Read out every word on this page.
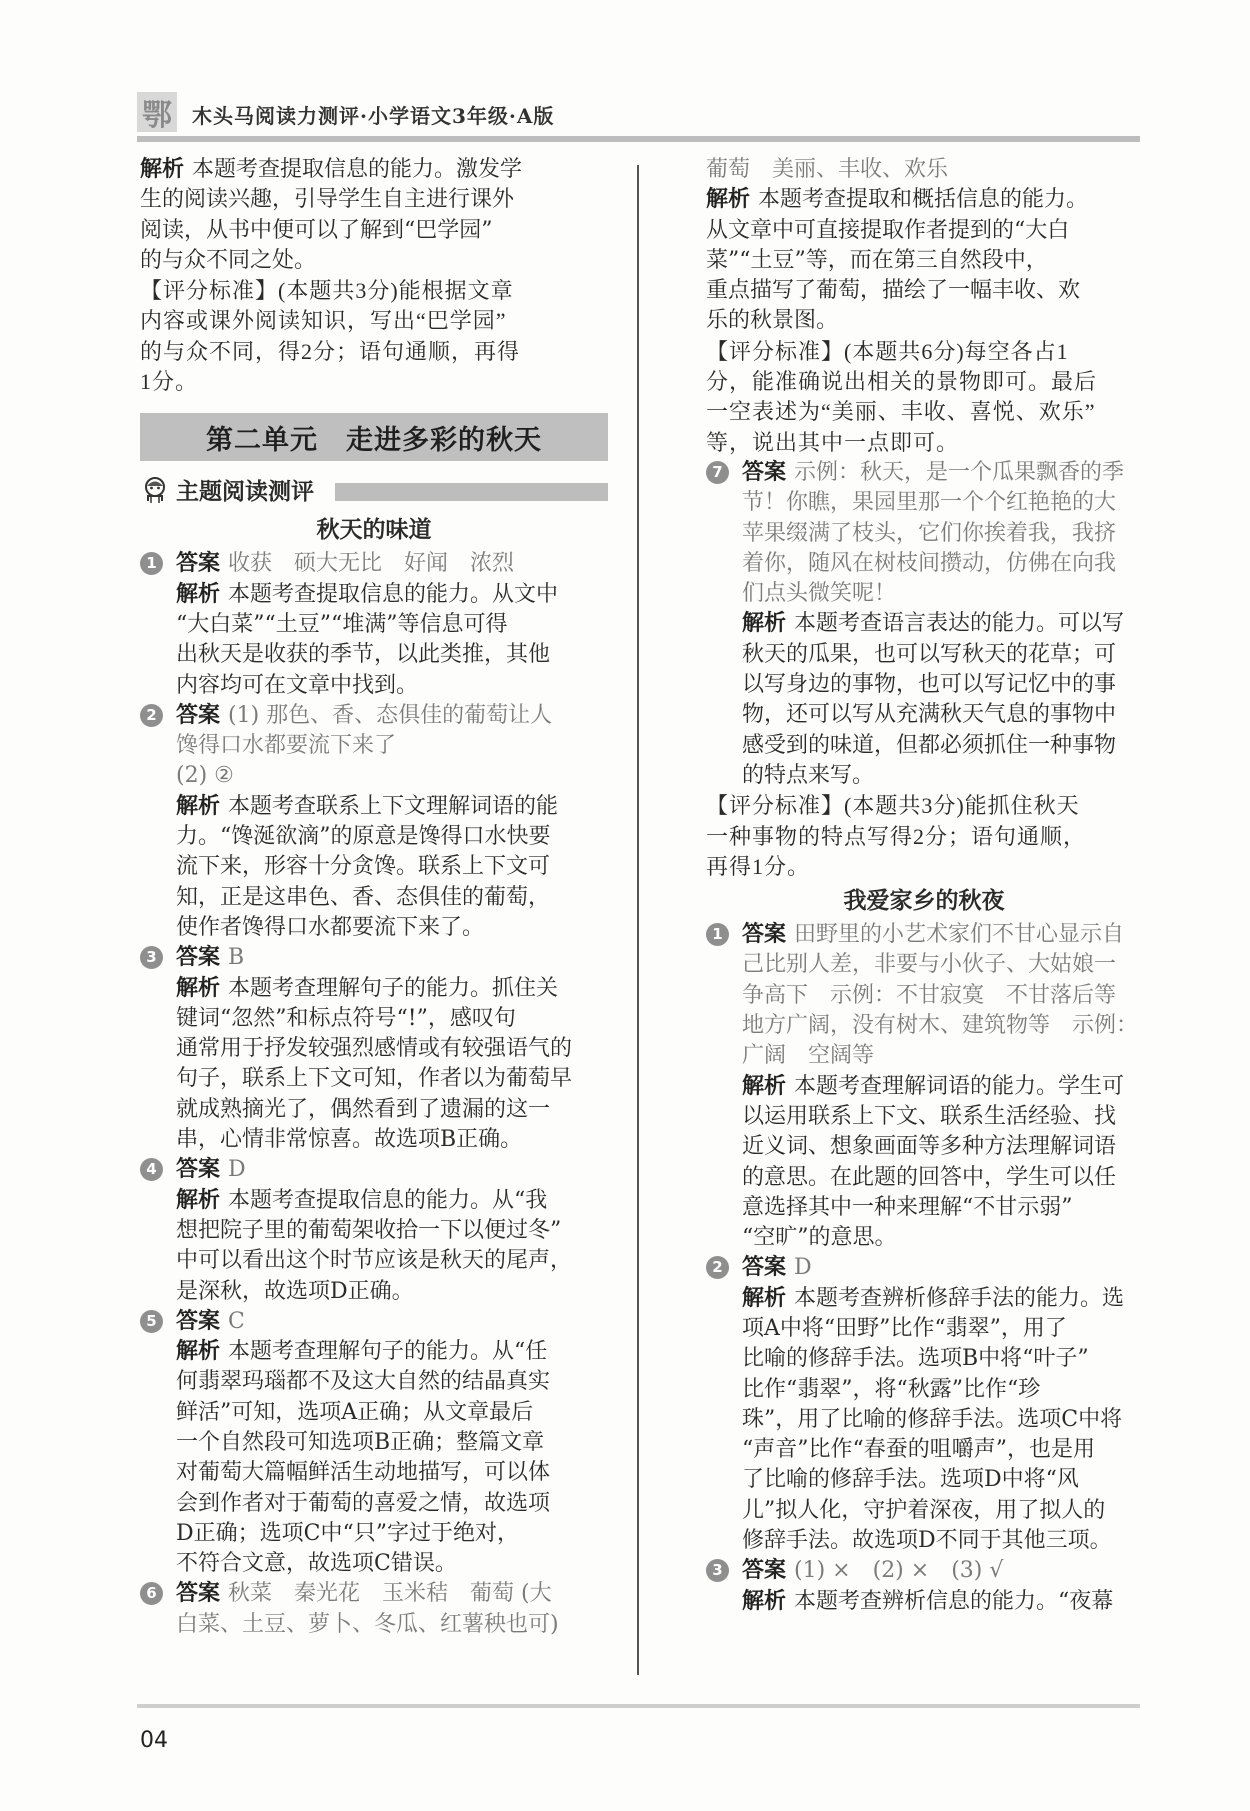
鄂 木头马阅读力测评·小学语文3年级·A版
解析 本题考查提取信息的能力。激发学
生的阅读兴趣，引导学生自主进行课外
阅读，从书中便可以了解到“巴学园”
的与众不同之处。
【评分标准】(本题共3分)能根据文章
内容或课外阅读知识，写出“巴学园”
的与众不同，得2分；语句通顺，再得
1分。
第二单元　走进多彩的秋天
主题阅读测评
秋天的味道
1 答案 收获　硕大无比　好闻　浓烈
解析 本题考查提取信息的能力。从文中
“大白菜”“土豆”“堆满”等信息可得
出秋天是收获的季节，以此类推，其他
内容均可在文章中找到。
2 答案 (1) 那色、香、态俱佳的葡萄让人
馋得口水都要流下来了
(2) ②
解析 本题考查联系上下文理解词语的能
力。“馋涎欲滴”的原意是馋得口水快要
流下来，形容十分贪馋。联系上下文可
知，正是这串色、香、态俱佳的葡萄，
使作者馋得口水都要流下来了。
3 答案 B
解析 本题考查理解句子的能力。抓住关
键词“忽然”和标点符号“!”，感叹句
通常用于抒发较强烈感情或有较强语气的
句子，联系上下文可知，作者以为葡萄早
就成熟摘光了，偶然看到了遗漏的这一
串，心情非常惊喜。故选项B正确。
4 答案 D
解析 本题考查提取信息的能力。从“我
想把院子里的葡萄架收拾一下以便过冬”
中可以看出这个时节应该是秋天的尾声，
是深秋，故选项D正确。
5 答案 C
解析 本题考查理解句子的能力。从“任
何翡翠玛瑙都不及这大自然的结晶真实
鲜活”可知，选项A正确；从文章最后
一个自然段可知选项B正确；整篇文章
对葡萄大篇幅鲜活生动地描写，可以体
会到作者对于葡萄的喜爱之情，故选项
D正确；选项C中“只”字过于绝对，
不符合文意，故选项C错误。
6 答案 秋菜　秦光花　玉米秸　葡萄 (大
白菜、土豆、萝卜、冬瓜、红薯秧也可)
葡萄　美丽、丰收、欢乐
解析 本题考查提取和概括信息的能力。
从文章中可直接提取作者提到的“大白
菜”“土豆”等，而在第三自然段中，
重点描写了葡萄，描绘了一幅丰收、欢
乐的秋景图。
【评分标准】(本题共6分)每空各占1
分，能准确说出相关的景物即可。最后
一空表述为“美丽、丰收、喜悦、欢乐”
等，说出其中一点即可。
7 答案 示例：秋天，是一个瓜果飘香的季
节！你瞧，果园里那一个个红艳艳的大
苹果缀满了枝头，它们你挨着我，我挤
着你，随风在树枝间攒动，仿佛在向我
们点头微笑呢！
解析 本题考查语言表达的能力。可以写
秋天的瓜果，也可以写秋天的花草；可
以写身边的事物，也可以写记忆中的事
物，还可以写从充满秋天气息的事物中
感受到的味道，但都必须抓住一种事物
的特点来写。
【评分标准】(本题共3分)能抓住秋天
一种事物的特点写得2分；语句通顺，
再得1分。
我爱家乡的秋夜
1 答案 田野里的小艺术家们不甘心显示自
己比别人差，非要与小伙子、大姑娘一
争高下　示例：不甘寂寞　不甘落后等
地方广阔，没有树木、建筑物等　示例：
广阔　空阔等
解析 本题考查理解词语的能力。学生可
以运用联系上下文、联系生活经验、找
近义词、想象画面等多种方法理解词语
的意思。在此题的回答中，学生可以任
意选择其中一种来理解“不甘示弱”
“空旷”的意思。
2 答案 D
解析 本题考查辨析修辞手法的能力。选
项A中将“田野”比作“翡翠”，用了
比喻的修辞手法。选项B中将“叶子”
比作“翡翠”，将“秋露”比作“珍
珠”，用了比喻的修辞手法。选项C中将
“声音”比作“春蚕的咀嚼声”，也是用
了比喻的修辞手法。选项D中将“风
儿”拟人化，守护着深夜，用了拟人的
修辞手法。故选项D不同于其他三项。
3 答案 (1) ×　(2) ×　(3) √
解析 本题考查辨析信息的能力。“夜幕
04
